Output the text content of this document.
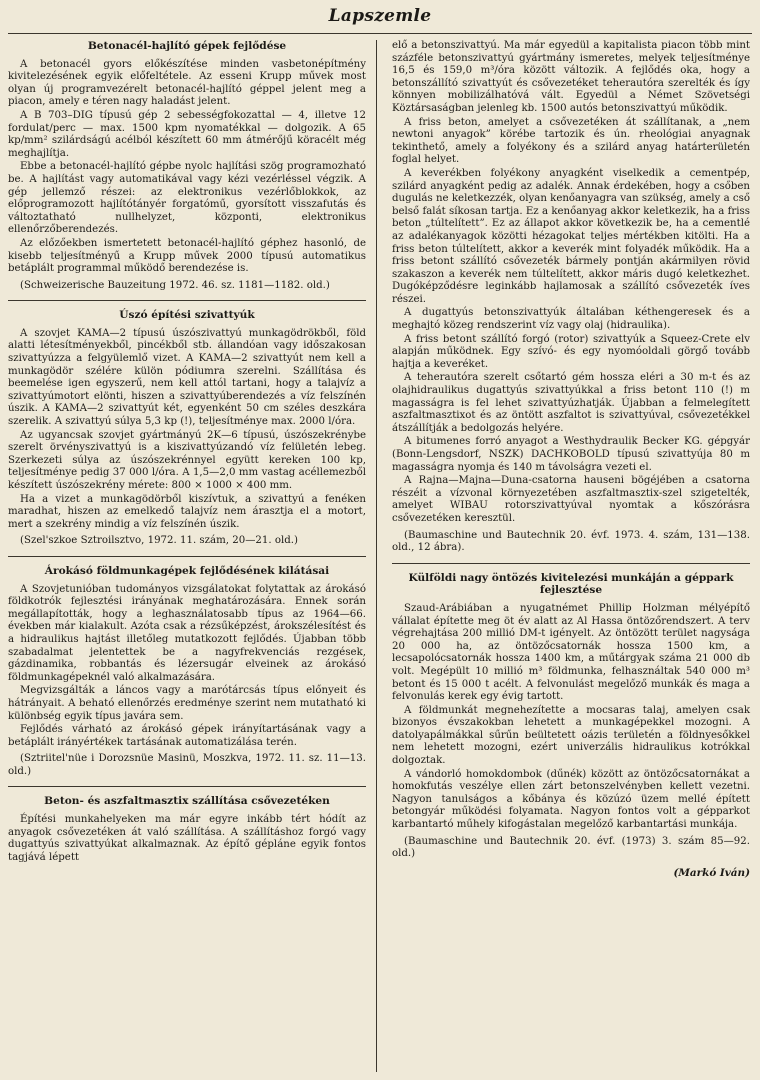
Lapszemle
Betonacél-hajlító gépek fejlődése

A betonacél gyors előkészítése minden vasbetonépítmény kivitelezésének egyik előfeltétele. Az esseni Krupp művek most olyan új programvezérelt betonacél-hajlító géppel jelent meg a piacon, amely e téren nagy haladást jelent.

A B 703–DIG típusú gép 2 sebességfokozattal — 4, illetve 12 fordulat/perc — max. 1500 kpm nyomatékkal — dolgozik. A 65 kp/mm² szilárdságú acélból készített 60 mm átmérőjű köracélt még meghajlítja.

Ebbe a betonacél-hajlító gépbe nyolc hajlítási szög programozható be. A hajlítást vagy automatikával vagy kézi vezérléssel végzik. A gép jellemző részei: az elektronikus vezérlőblokkok, az előprogramozott hajlítótányér forgatómű, gyorsított visszafutás és változtatható nullhelyzet, központi, elektronikus ellenőrzőberendezés.

Az előzőekben ismertetett betonacél-hajlító géphez hasonló, de kisebb teljesítményű a Krupp művek 2000 típusú automatikus betáplált programmal működő berendezése is.

(Schweizerische Bauzeitung 1972. 46. sz. 1181—1182. old.)

Úszó építési szivattyúk

A szovjet KAMA—2 típusú úszószivattyú munkagödrökből, föld alatti létesítményekből, pincékből stb. állandóan vagy időszakosan szivattyúzza a felgyülemlő vizet. A KAMA—2 szivattyút nem kell a munkagödör szélére külön pódiumra szerelni. Szállítása és beemelése igen egyszerű, nem kell attól tartani, hogy a talajvíz a szivattyúmotort elönti, hiszen a szivattyúberendezés a víz felszínén úszik. A KAMA—2 szivattyút két, egyenként 50 cm széles deszkára szerelik. A szivattyú súlya 5,3 kp (!), teljesítménye max. 2000 l/óra.

Az ugyancsak szovjet gyártmányú 2K—6 típusú, úszószekrénybe szerelt örvényszivattyú is a kiszivattyúzandó víz felületén lebeg. Szerkezeti súlya az úszószekrénnyel együtt kereken 100 kp, teljesítménye pedig 37 000 l/óra. A 1,5—2,0 mm vastag acéllemezből készített úszószekrény mérete: 800 × 1000 × 400 mm.

Ha a vizet a munkagödörből kiszívtuk, a szivattyú a fenéken maradhat, hiszen az emelkedő talajvíz nem árasztja el a motort, mert a szekrény mindig a víz felszínén úszik.

(Szel'szkoe Sztroilsztvo, 1972. 11. szám, 20—21. old.)

Árokásó földmunkagépek fejlődésének kilátásai

A Szovjetunióban tudományos vizsgálatokat folytattak az árokásó földkotrók fejlesztési irányának meghatározására. Ennek során megállapították, hogy a leghasználatosabb típus az 1964—66. években már kialakult. Azóta csak a rézsűképzést, árokszélesítést és a hidraulikus hajtást illetőleg mutatkozott fejlődés. Újabban több szabadalmat jelentettek be a nagyfrekvenciás rezgések, gázdinamika, robbantás és lézersugár elveinek az árokásó földmunkagépeknél való alkalmazására.

Megvizsgálták a láncos vagy a marótárcsás típus előnyeit és hátrányait. A beható ellenőrzés eredménye szerint nem mutatható ki különbség egyik típus javára sem.

Fejlődés várható az árokásó gépek irányítartásának vagy a betáplált irányértékek tartásának automatizálása terén.

(Sztriitel'nüe i Dorozsnüe Masinü, Moszkva, 1972. 11. sz. 11—13. old.)

Beton- és aszfaltmasztix szállítása csővezetéken

Építési munkahelyeken ma már egyre inkább tért hódít az anyagok csővezetéken át való szállítása. A szállításhoz forgó vagy dugattyús szivattyúkat alkalmaznak. Az építő gépláne egyik fontos tagjává lépett

elő a betonszivattyú. Ma már egyedül a kapitalista piacon több mint százféle betonszivattyú gyártmány ismeretes, melyek teljesítménye 16,5 és 159,0 m³/óra között változik. A fejlődés oka, hogy a betonszállító szivattyút és csővezetéket teherautóra szerelték és így könnyen mobilizálhatóvá vált. Egyedül a Német Szövetségi Köztársaságban jelenleg kb. 1500 autós betonszivattyú működik.

A friss beton, amelyet a csővezetéken át szállítanak, a „nem newtoni anyagok” körébe tartozik és ún. rheológiai anyagnak tekinthető, amely a folyékony és a szilárd anyag határterületén foglal helyet.

A keverékben folyékony anyagként viselkedik a cementpép, szilárd anyagként pedig az adalék. Annak érdekében, hogy a csőben dugulás ne keletkezzék, olyan kenőanyagra van szükség, amely a cső belső falát síkosan tartja. Ez a kenőanyag akkor keletkezik, ha a friss beton „túltelített”. Ez az állapot akkor következik be, ha a cementlé az adalékanyagok közötti hézagokat teljes mértékben kitölti. Ha a friss beton túltelített, akkor a keverék mint folyadék működik. Ha a friss betont szállító csővezeték bármely pontján akármilyen rövid szakaszon a keverék nem túltelített, akkor máris dugó keletkezhet. Dugóképződésre leginkább hajlamosak a szállító csővezeték íves részei.

A dugattyús betonszivattyúk általában kéthengeresek és a meghajtó közeg rendszerint víz vagy olaj (hidraulika).

A friss betont szállító forgó (rotor) szivattyúk a Squeez-Crete elv alapján működnek. Egy szívó- és egy nyomóoldali görgő tovább hajtja a keveréket.

A teherautóra szerelt csőtartó gém hossza eléri a 30 m-t és az olajhidraulikus dugattyús szivattyúkkal a friss betont 110 (!) m magasságra is fel lehet szivattyúzhatják. Újabban a felmelegített aszfaltmasztixot és az öntött aszfaltot is szivattyúval, csővezetékkel átszállítják a bedolgozás helyére.

A bitumenes forró anyagot a Westhydraulik Becker KG. gépgyár (Bonn-Lengsdorf, NSZK) DACHKOBOLD típusú szivattyúja 80 m magasságra nyomja és 140 m távolságra vezeti el.

A Rajna—Majna—Duna-csatorna hauseni bögéjében a csatorna részéit a vízvonal környezetében aszfaltmasztix-szel szigetelték, amelyet WIBAU rotorszivattyúval nyomtak a kőszórásra csővezetéken keresztül.

(Baumaschine und Bautechnik 20. évf. 1973. 4. szám, 131—138. old., 12 ábra).

Külföldi nagy öntözés kivitelezési munkáján a géppark fejlesztése

Szaud-Arábiában a nyugatnémet Phillip Holzman mélyépítő vállalat építette meg öt év alatt az Al Hassa öntözőrendszert. A terv végrehajtása 200 millió DM-t igényelt. Az öntözött terület nagysága 20 000 ha, az öntözőcsatornák hossza 1500 km, a lecsapolócsatornák hossza 1400 km, a műtárgyak száma 21 000 db volt. Megépült 10 millió m³ földmunka, felhasználtak 540 000 m³ betont és 15 000 t acélt. A felvonulást megelőző munkák és maga a felvonulás kerek egy évig tartott.

A földmunkát megnehezítette a mocsaras talaj, amelyen csak bizonyos évszakokban lehetett a munkagépekkel mozogni. A datolyapálmákkal sűrűn beültetett oázis területén a földnyesőkkel nem lehetett mozogni, ezért univerzális hidraulikus kotrókkal dolgoztak.

A vándorló homokdombok (dűnék) között az öntözőcsatornákat a homokfutás veszélye ellen zárt betonszelvényben kellett vezetni. Nagyon tanulságos a kőbánya és közúzó üzem mellé épített betongyár működési folyamata. Nagyon fontos volt a gépparkot karbantartó műhely kifogástalan megelőző karbantartási munkája.

(Baumaschine und Bautechnik 20. évf. (1973) 3. szám 85—92. old.)

(Markó Iván)
